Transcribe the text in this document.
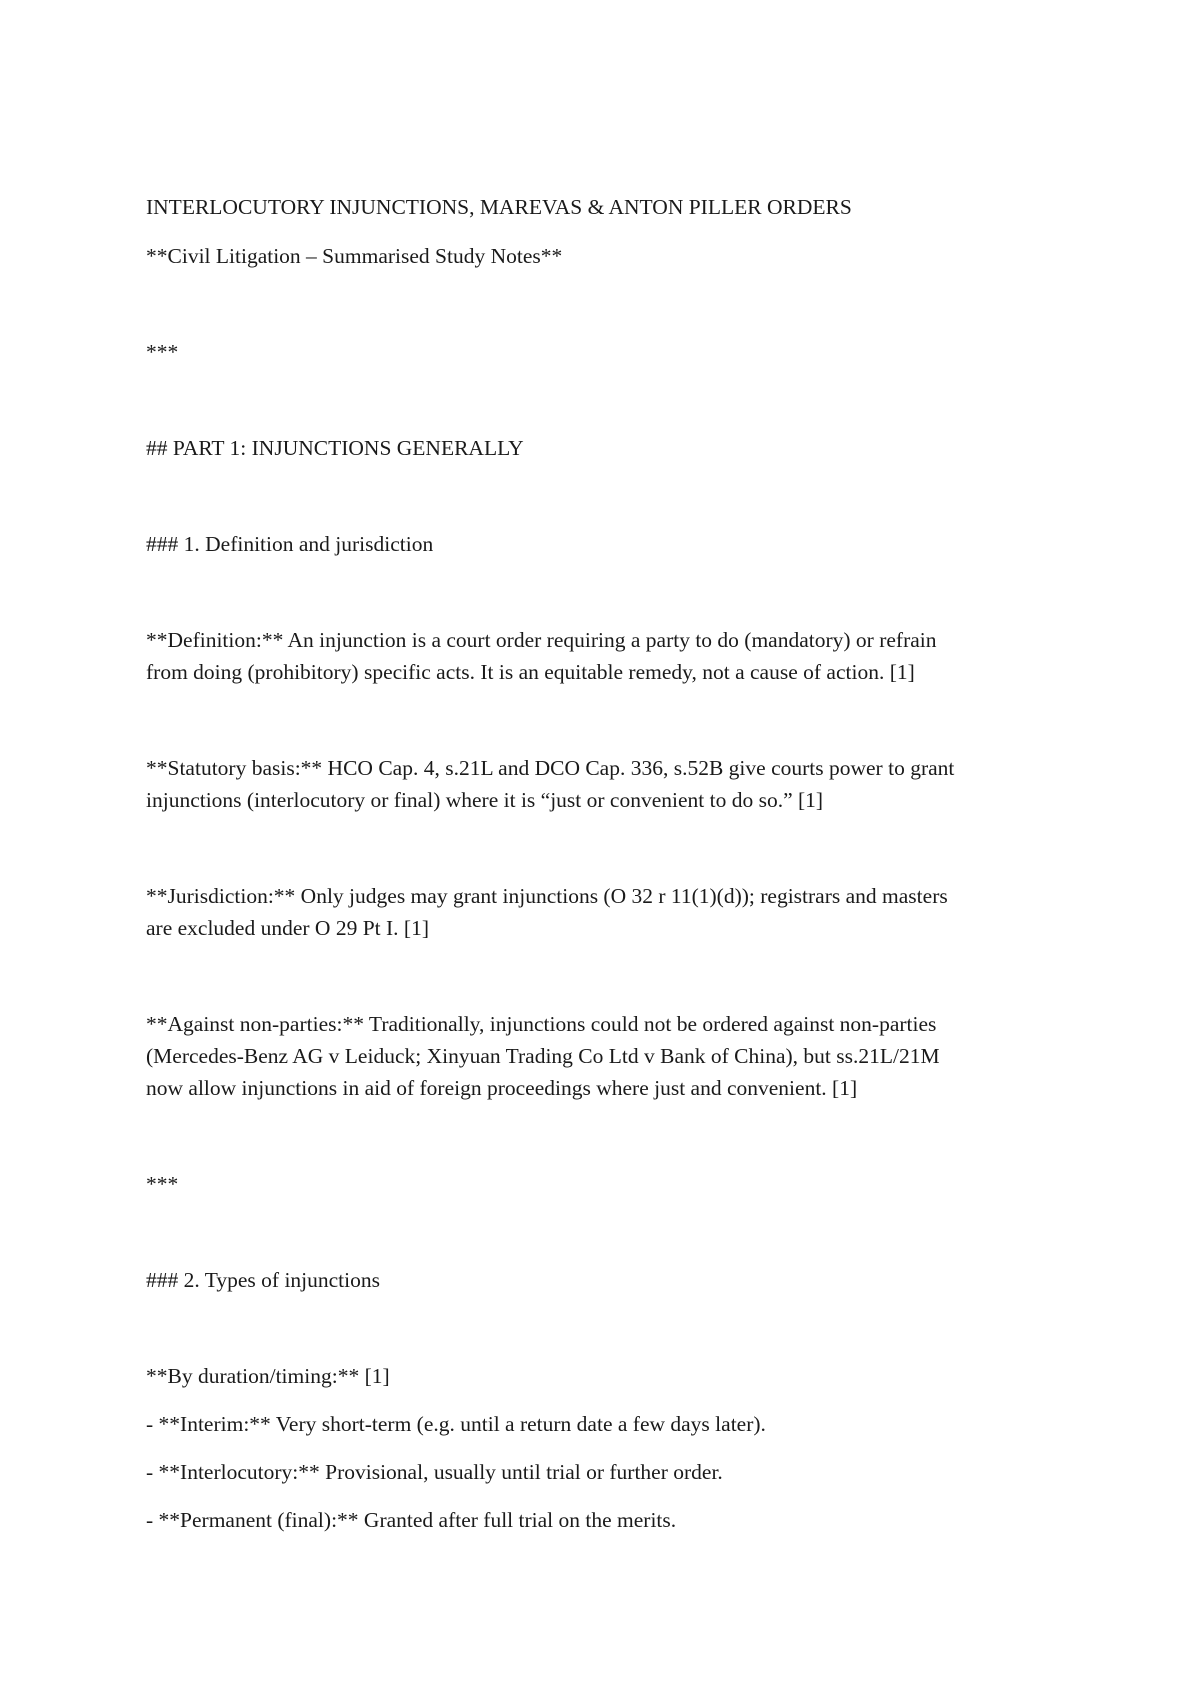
INTERLOCUTORY INJUNCTIONS, MAREVAS & ANTON PILLER ORDERS
**Civil Litigation – Summarised Study Notes**
***
## PART 1: INJUNCTIONS GENERALLY
### 1. Definition and jurisdiction
**Definition:** An injunction is a court order requiring a party to do (mandatory) or refrain
from doing (prohibitory) specific acts. It is an equitable remedy, not a cause of action. [1]
**Statutory basis:** HCO Cap. 4, s.21L and DCO Cap. 336, s.52B give courts power to grant
injunctions (interlocutory or final) where it is “just or convenient to do so.” [1]
**Jurisdiction:** Only judges may grant injunctions (O 32 r 11(1)(d)); registrars and masters
are excluded under O 29 Pt I. [1]
**Against non-parties:** Traditionally, injunctions could not be ordered against non-parties
(Mercedes-Benz AG v Leiduck; Xinyuan Trading Co Ltd v Bank of China), but ss.21L/21M
now allow injunctions in aid of foreign proceedings where just and convenient. [1]
***
### 2. Types of injunctions
**By duration/timing:** [1]
- **Interim:** Very short-term (e.g. until a return date a few days later).
- **Interlocutory:** Provisional, usually until trial or further order.
- **Permanent (final):** Granted after full trial on the merits.
